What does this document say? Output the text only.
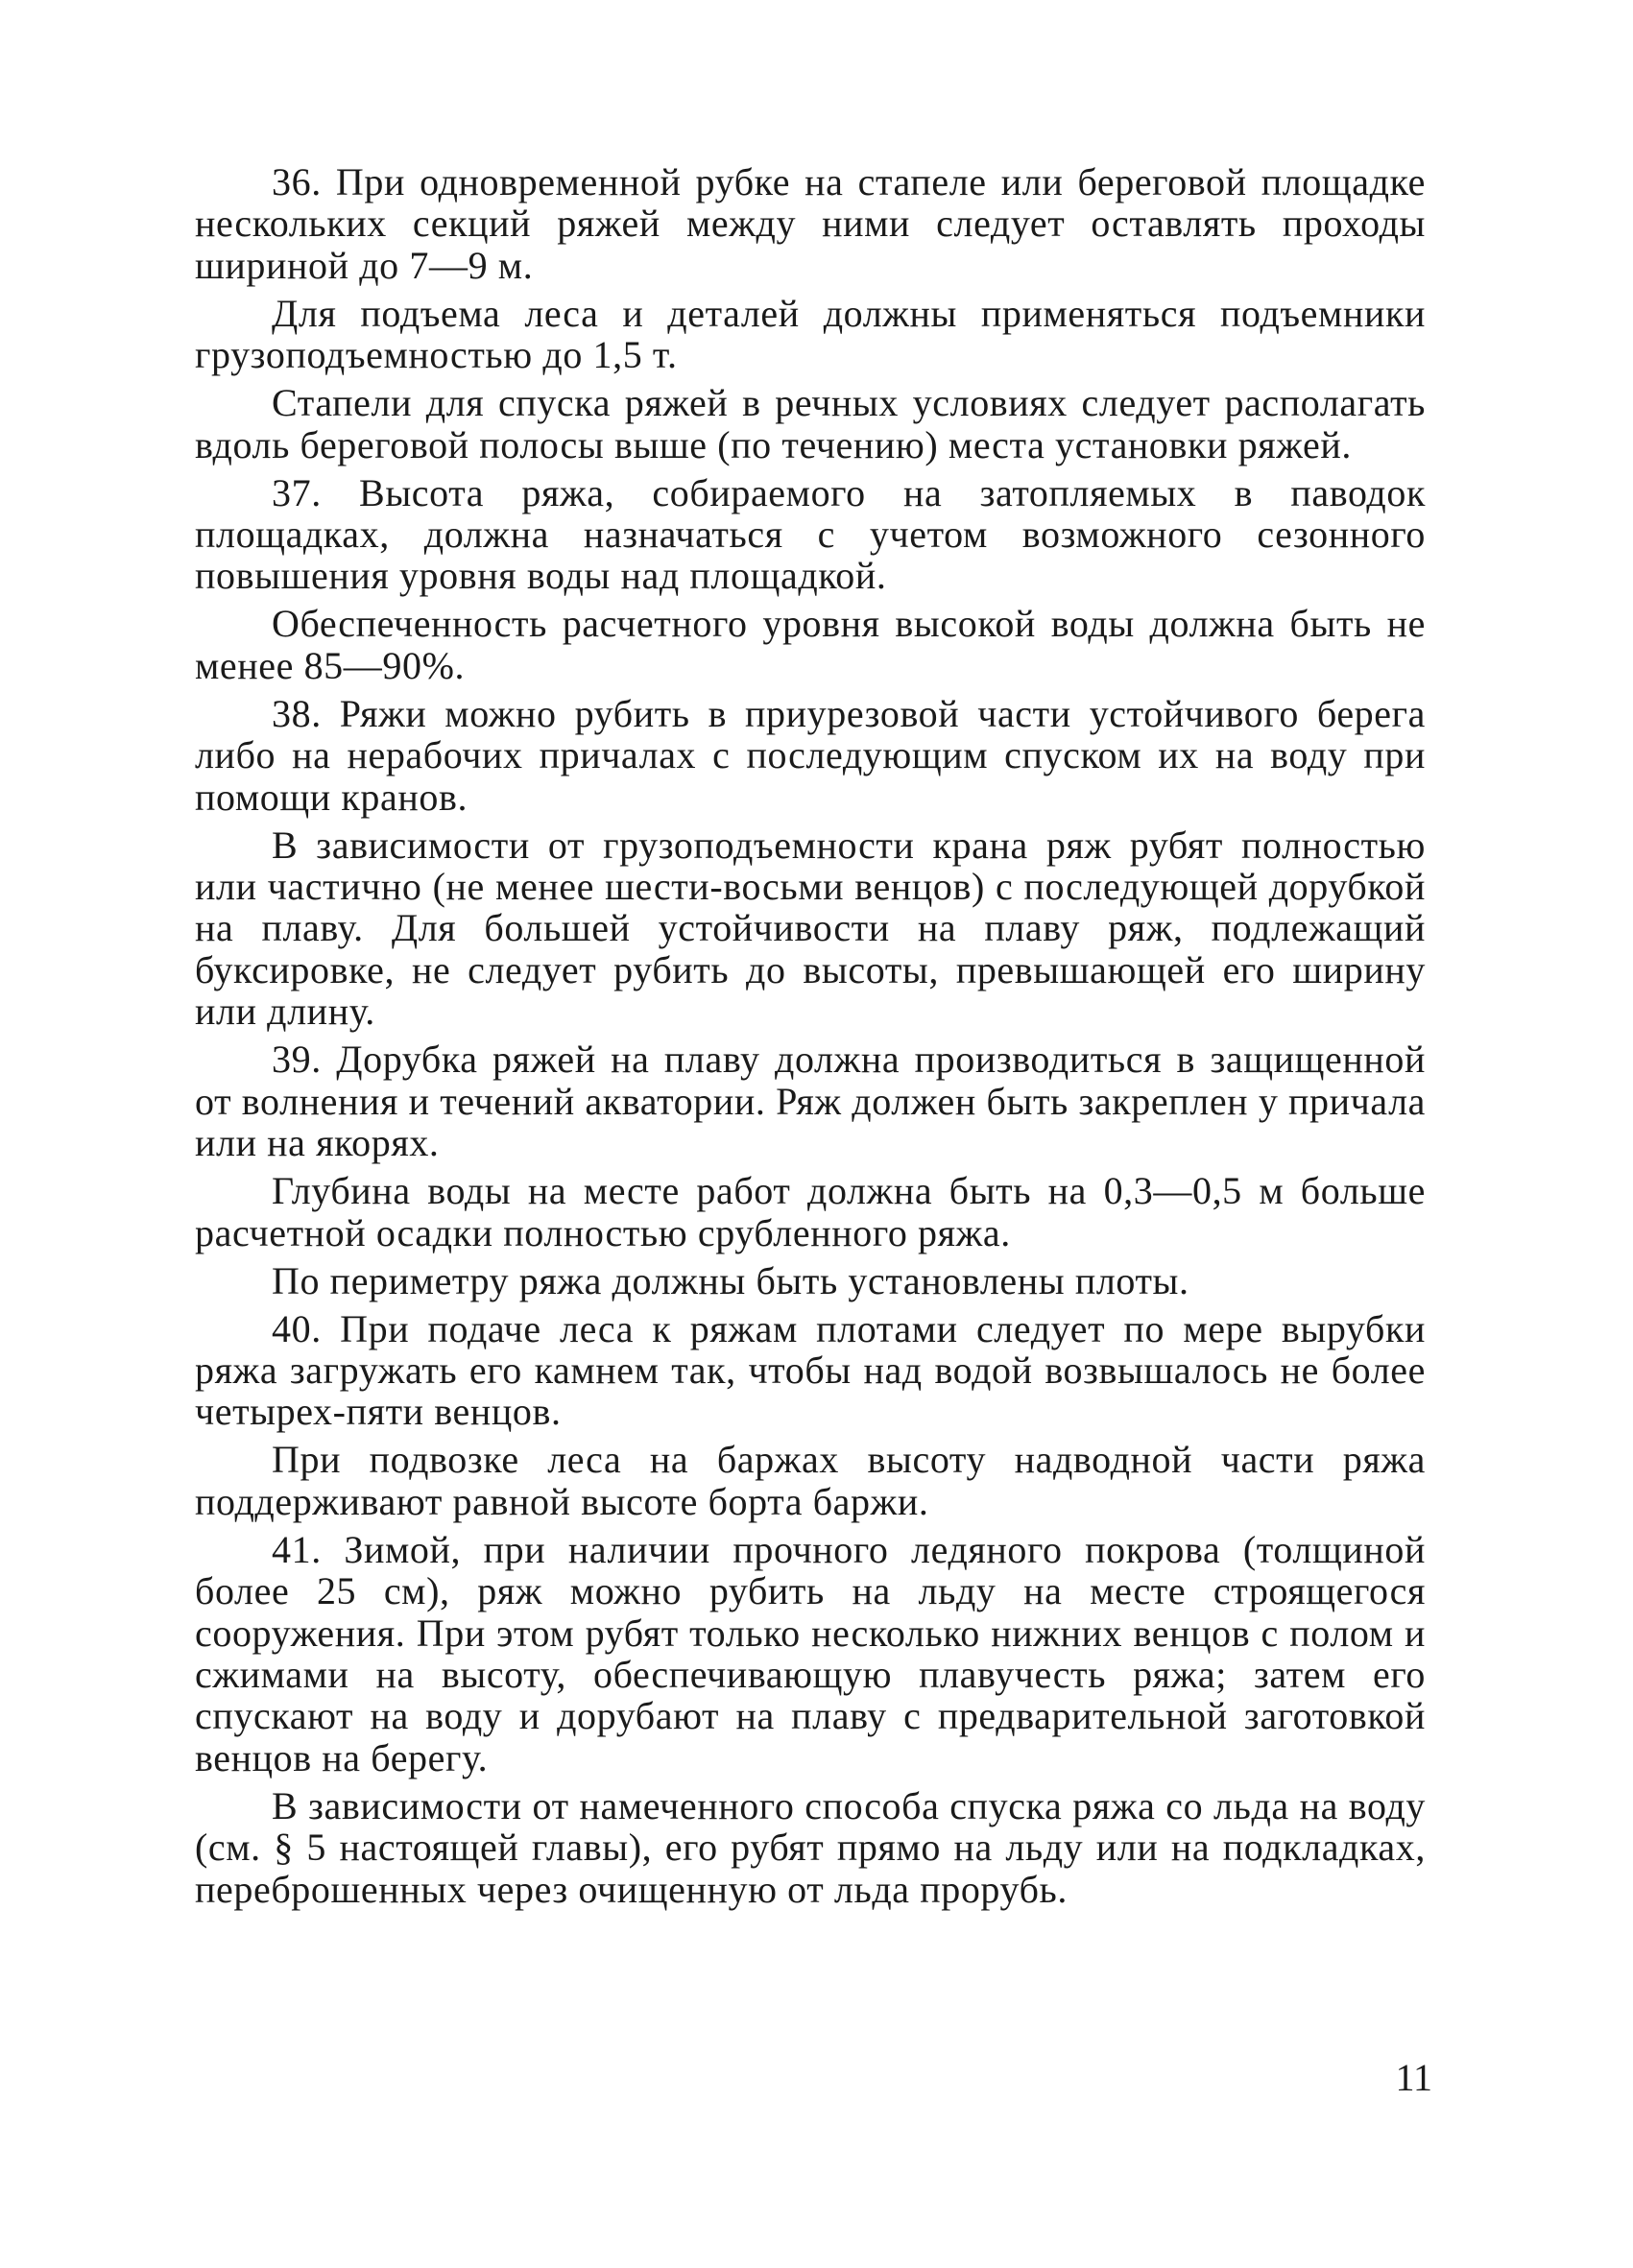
36. При одновременной рубке на стапеле или береговой площадке нескольких секций ряжей между ними следует оставлять проходы шириной до 7—9 м.

Для подъема леса и деталей должны применяться подъемники грузоподъемностью до 1,5 т.

Стапели для спуска ряжей в речных условиях следует располагать вдоль береговой полосы выше (по течению) места установки ряжей.

37. Высота ряжа, собираемого на затопляемых в паводок площадках, должна назначаться с учетом возможного сезонного повышения уровня воды над площадкой.

Обеспеченность расчетного уровня высокой воды должна быть не менее 85—90%.

38. Ряжи можно рубить в приурезовой части устойчивого берега либо на нерабочих причалах с последующим спуском их на воду при помощи кранов.

В зависимости от грузоподъемности крана ряж рубят полностью или частично (не менее шести-восьми венцов) с последующей дорубкой на плаву. Для большей устойчивости на плаву ряж, подлежащий буксировке, не следует рубить до высоты, превышающей его ширину или длину.

39. Дорубка ряжей на плаву должна производиться в защищенной от волнения и течений акватории. Ряж должен быть закреплен у причала или на якорях.

Глубина воды на месте работ должна быть на 0,3—0,5 м больше расчетной осадки полностью срубленного ряжа.

По периметру ряжа должны быть установлены плоты.

40. При подаче леса к ряжам плотами следует по мере вырубки ряжа загружать его камнем так, чтобы над водой возвышалось не более четырех-пяти венцов.

При подвозке леса на баржах высоту надводной части ряжа поддерживают равной высоте борта баржи.

41. Зимой, при наличии прочного ледяного покрова (толщиной более 25 см), ряж можно рубить на льду на месте строящегося сооружения. При этом рубят только несколько нижних венцов с полом и сжимами на высоту, обеспечивающую плавучесть ряжа; затем его спускают на воду и дорубают на плаву с предварительной заготовкой венцов на берегу.

В зависимости от намеченного способа спуска ряжа со льда на воду (см. § 5 настоящей главы), его рубят прямо на льду или на подкладках, переброшенных через очищенную от льда прорубь.

11
